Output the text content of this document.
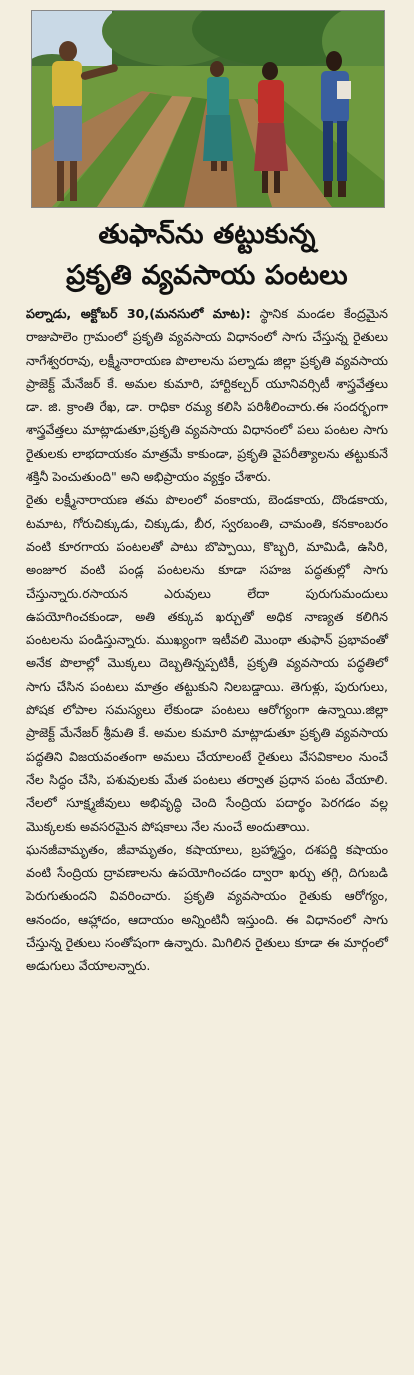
తుఫాన్‌ను తట్టుకున్న
ప్రకృతి వ్యవసాయ పంటలు

పల్నాడు, అక్టోబర్ 30,(మనసులో మాట): స్థానిక మండల కేంద్రమైన రాజుపాలెం గ్రామంలో ప్రకృతి వ్యవసాయ విధానంలో సాగు చేస్తున్న రైతులు నాగేశ్వరరావు, లక్ష్మీనారాయణ పొలాలను పల్నాడు జిల్లా ప్రకృతి వ్యవసాయ ప్రాజెక్ట్ మేనేజర్ కే. అమల కుమారి, హార్టికల్చర్ యూనివర్సిటీ శాస్త్రవేత్తలు డా. జి. క్రాంతి రేఖ, డా. రాధికా రమ్య కలిసి పరిశీలించారు.ఈ సందర్భంగా శాస్త్రవేత్తలు మాట్లాడుతూ,ప్రకృతి వ్యవసాయ విధానంలో పలు పంటల సాగు రైతులకు లాభదాయకం మాత్రమే కాకుండా, ప్రకృతి వైపరీత్యాలను తట్టుకునే శక్తినీ పెంచుతుంది" అని అభిప్రాయం వ్యక్తం చేశారు.

రైతు లక్ష్మీనారాయణ తమ పొలంలో వంకాయ, బెండకాయ, దొండకాయ, టమాట, గోరుచిక్కుడు, చిక్కుడు, బీర, స్వరబంతి, చామంతి, కనకాంబరం వంటి కూరగాయ పంటలతో పాటు బొప్పాయి, కొబ్బరి, మామిడి, ఉసిరి, అంజూర వంటి పండ్ల పంటలను కూడా సహజ పద్ధతుల్లో సాగు చేస్తున్నారు.రసాయన ఎరువులు లేదా పురుగుమందులు ఉపయోగించకుండా, అతి తక్కువ ఖర్చుతో అధిక నాణ్యత కలిగిన పంటలను పండిస్తున్నారు. ముఖ్యంగా ఇటీవలి మొంథా తుఫాన్ ప్రభావంతో అనేక పొలాల్లో మొక్కలు దెబ్బతిన్నప్పటికీ, ప్రకృతి వ్యవసాయ పద్ధతిలో సాగు చేసిన పంటలు మాత్రం తట్టుకుని నిలబడ్డాయి. తెగుళ్లు, పురుగులు, పోషక లోపాల సమస్యలు లేకుండా పంటలు ఆరోగ్యంగా ఉన్నాయి.జిల్లా ప్రాజెక్ట్ మేనేజర్ శ్రీమతి కే. అమల కుమారి మాట్లాడుతూ ప్రకృతి వ్యవసాయ పద్ధతిని విజయవంతంగా అమలు చేయాలంటే రైతులు వేసవికాలం నుంచే నేల సిద్ధం చేసి, పశువులకు మేత పంటలు తర్వాత ప్రధాన పంట వేయాలి. నేలలో సూక్ష్మజీవులు అభివృద్ధి చెంది సేంద్రియ పదార్థం పెరగడం వల్ల మొక్కలకు అవసరమైన పోషకాలు నేల నుంచే అందుతాయి.

ఘనజీవామృతం, జీవామృతం, కషాయాలు, బ్రహ్మాస్త్రం, దశపర్ణి కషాయం వంటి సేంద్రియ ద్రావణాలను ఉపయోగించడం ద్వారా ఖర్చు తగ్గి, దిగుబడి పెరుగుతుందని వివరించారు. ప్రకృతి వ్యవసాయం రైతుకు ఆరోగ్యం, ఆనందం, ఆహ్లాదం, ఆదాయం అన్నింటినీ ఇస్తుంది. ఈ విధానంలో సాగు చేస్తున్న రైతులు సంతోషంగా ఉన్నారు. మిగిలిన రైతులు కూడా ఈ మార్గంలో అడుగులు వేయాలన్నారు.
